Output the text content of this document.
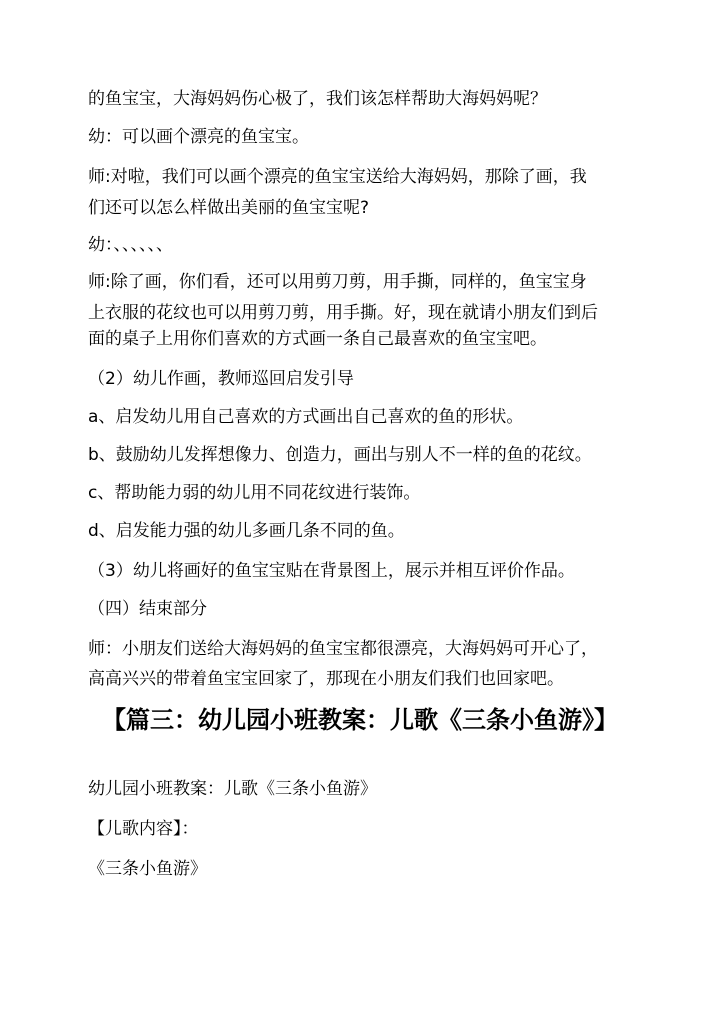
的鱼宝宝，大海妈妈伤心极了，我们该怎样帮助大海妈妈呢？

幼：可以画个漂亮的鱼宝宝。

师:对啦，我们可以画个漂亮的鱼宝宝送给大海妈妈，那除了画，我

们还可以怎么样做出美丽的鱼宝宝呢?

幼：、、、、、、

师:除了画，你们看，还可以用剪刀剪，用手撕，同样的，鱼宝宝身

上衣服的花纹也可以用剪刀剪，用手撕。好，现在就请小朋友们到后

面的桌子上用你们喜欢的方式画一条自己最喜欢的鱼宝宝吧。

（2）幼儿作画，教师巡回启发引导

a、启发幼儿用自己喜欢的方式画出自己喜欢的鱼的形状。

b、鼓励幼儿发挥想像力、创造力，画出与别人不一样的鱼的花纹。

c、帮助能力弱的幼儿用不同花纹进行装饰。

d、启发能力强的幼儿多画几条不同的鱼。

（3）幼儿将画好的鱼宝宝贴在背景图上，展示并相互评价作品。

（四）结束部分

师：小朋友们送给大海妈妈的鱼宝宝都很漂亮，大海妈妈可开心了，

高高兴兴的带着鱼宝宝回家了，那现在小朋友们我们也回家吧。

【篇三：幼儿园小班教案：儿歌《三条小鱼游》】

幼儿园小班教案：儿歌《三条小鱼游》

【儿歌内容】：

《三条小鱼游》
